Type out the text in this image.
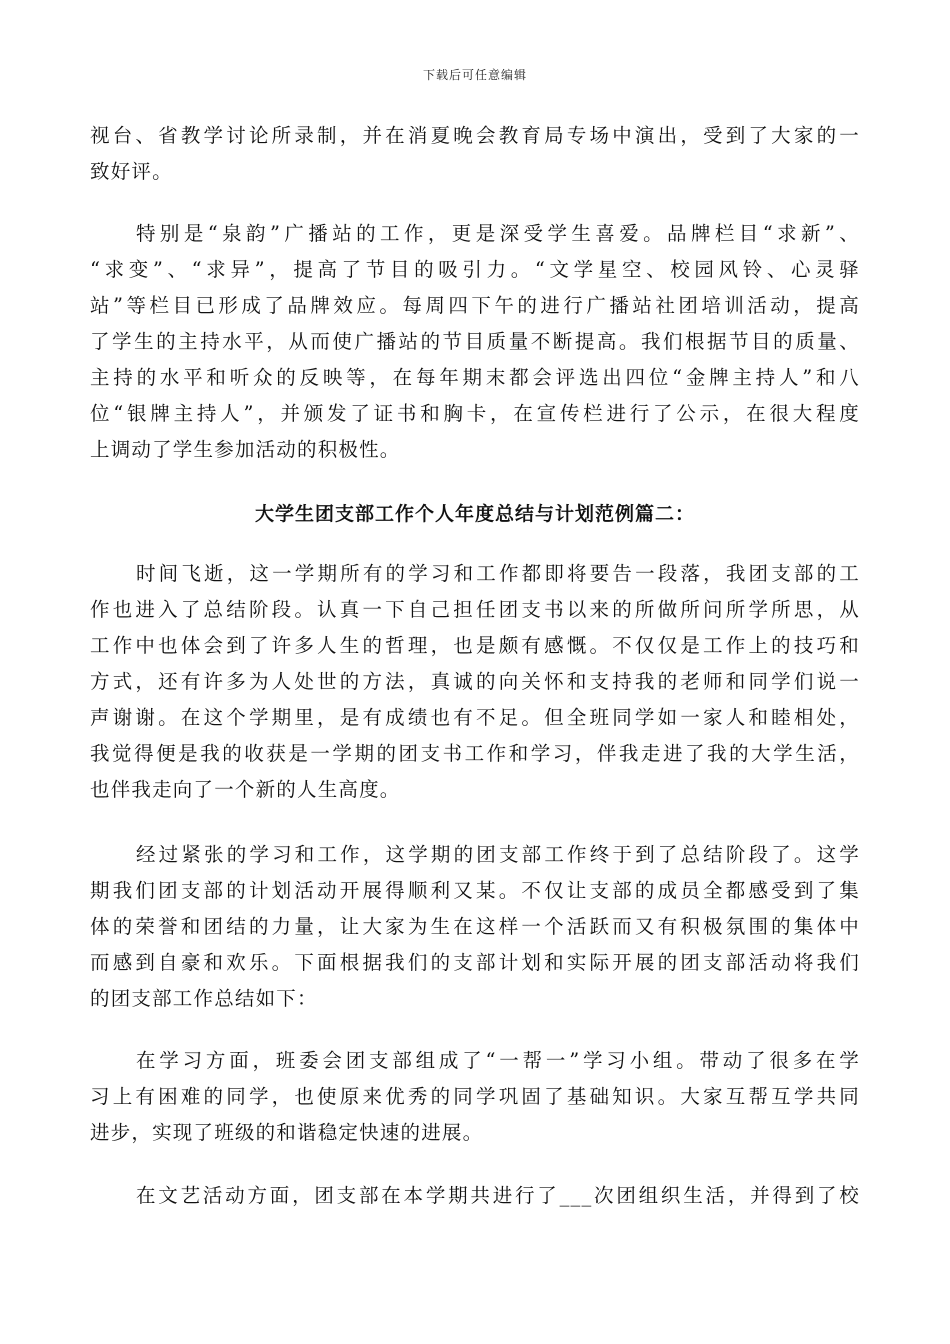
下载后可任意编辑
视台、省教学讨论所录制，并在消夏晚会教育局专场中演出，受到了大家的一
致好评。
特别是“泉韵”广播站的工作，更是深受学生喜爱。品牌栏目“求新”、
“求变”、“求异”，提高了节目的吸引力。“文学星空、校园风铃、心灵驿
站”等栏目已形成了品牌效应。每周四下午的进行广播站社团培训活动，提高
了学生的主持水平，从而使广播站的节目质量不断提高。我们根据节目的质量、
主持的水平和听众的反映等，在每年期末都会评选出四位“金牌主持人”和八
位“银牌主持人”，并颁发了证书和胸卡，在宣传栏进行了公示，在很大程度
上调动了学生参加活动的积极性。
大学生团支部工作个人年度总结与计划范例篇二：
时间飞逝，这一学期所有的学习和工作都即将要告一段落，我团支部的工
作也进入了总结阶段。认真一下自己担任团支书以来的所做所问所学所思，从
工作中也体会到了许多人生的哲理，也是颇有感慨。不仅仅是工作上的技巧和
方式，还有许多为人处世的方法，真诚的向关怀和支持我的老师和同学们说一
声谢谢。在这个学期里，是有成绩也有不足。但全班同学如一家人和睦相处，
我觉得便是我的收获是一学期的团支书工作和学习，伴我走进了我的大学生活，
也伴我走向了一个新的人生高度。
经过紧张的学习和工作，这学期的团支部工作终于到了总结阶段了。这学
期我们团支部的计划活动开展得顺利又某。不仅让支部的成员全都感受到了集
体的荣誉和团结的力量，让大家为生在这样一个活跃而又有积极氛围的集体中
而感到自豪和欢乐。下面根据我们的支部计划和实际开展的团支部活动将我们
的团支部工作总结如下：
在学习方面，班委会团支部组成了“一帮一”学习小组。带动了很多在学
习上有困难的同学，也使原来优秀的同学巩固了基础知识。大家互帮互学共同
进步，实现了班级的和谐稳定快速的进展。
在文艺活动方面，团支部在本学期共进行了___次团组织生活，并得到了校
